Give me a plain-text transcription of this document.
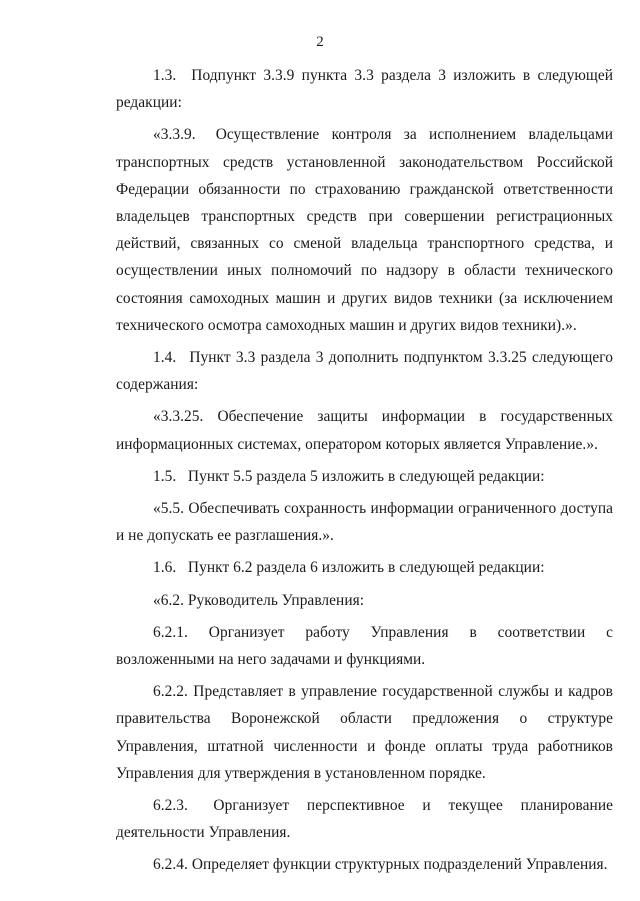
2

1.3.  Подпункт 3.3.9 пункта 3.3 раздела 3 изложить в следующей редакции:

«3.3.9.  Осуществление контроля за исполнением владельцами транспортных средств установленной законодательством Российской Федерации обязанности по страхованию гражданской ответственности владельцев транспортных средств при совершении регистрационных действий, связанных со сменой владельца транспортного средства, и осуществлении иных полномочий по надзору в области технического состояния самоходных машин и других видов техники (за исключением технического осмотра самоходных машин и других видов техники).».

1.4.  Пункт 3.3 раздела 3 дополнить подпунктом 3.3.25 следующего содержания:

«3.3.25. Обеспечение защиты информации в государственных информационных системах, оператором которых является Управление.».

1.5.  Пункт 5.5 раздела 5 изложить в следующей редакции:

«5.5. Обеспечивать сохранность информации ограниченного доступа и не допускать ее разглашения.».

1.6.  Пункт 6.2 раздела 6 изложить в следующей редакции:

«6.2. Руководитель Управления:

6.2.1. Организует работу Управления в соответствии с возложенными на него задачами и функциями.

6.2.2. Представляет в управление государственной службы и кадров правительства Воронежской области предложения о структуре Управления, штатной численности и фонде оплаты труда работников Управления для утверждения в установленном порядке.

6.2.3.  Организует перспективное и текущее планирование деятельности Управления.

6.2.4. Определяет функции структурных подразделений Управления.
